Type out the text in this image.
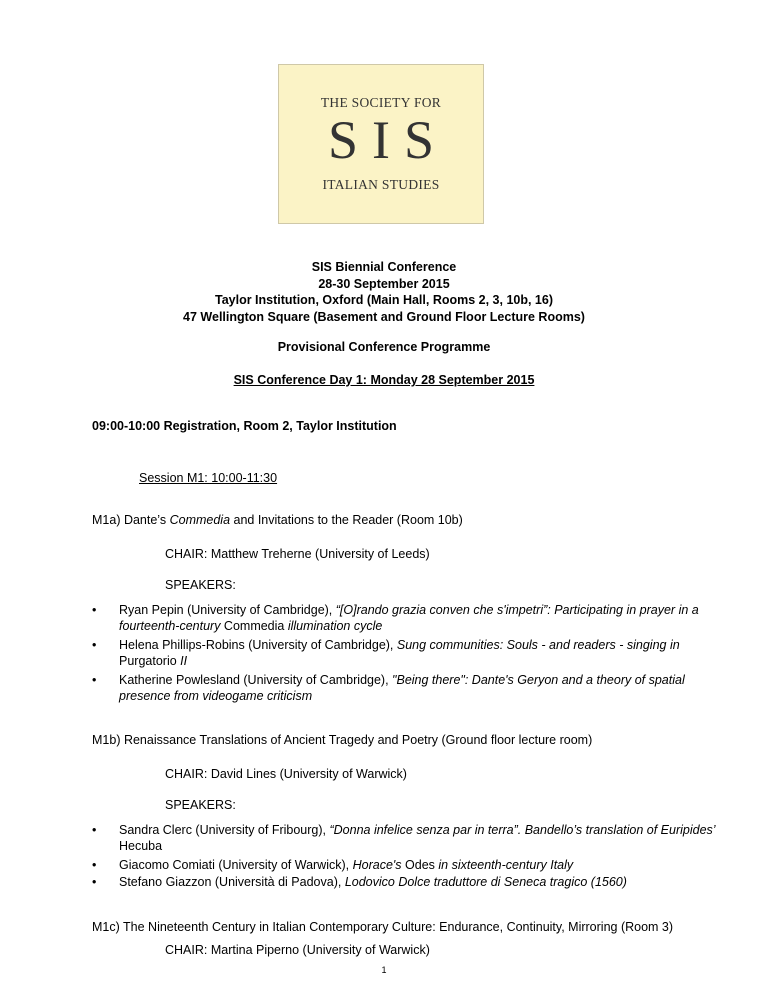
THE SOCIETY FOR
SIS
ITALIAN STUDIES
SIS Biennial Conference
28-30 September 2015
Taylor Institution, Oxford (Main Hall, Rooms 2, 3, 10b, 16)
47 Wellington Square (Basement and Ground Floor Lecture Rooms)
Provisional Conference Programme
SIS Conference Day 1: Monday 28 September 2015
09:00-10:00 Registration, Room 2, Taylor Institution
Session M1: 10:00-11:30
M1a) Dante’s Commedia and Invitations to the Reader (Room 10b)
CHAIR: Matthew Treherne (University of Leeds)
SPEAKERS:
• Ryan Pepin (University of Cambridge), “[O]rando grazia conven che s'impetri”: Participating in prayer in a fourteenth-century Commedia illumination cycle
• Helena Phillips-Robins (University of Cambridge), Sung communities: Souls - and readers - singing in Purgatorio II
• Katherine Powlesland (University of Cambridge), "Being there": Dante's Geryon and a theory of spatial presence from videogame criticism
M1b) Renaissance Translations of Ancient Tragedy and Poetry (Ground floor lecture room)
CHAIR: David Lines (University of Warwick)
SPEAKERS:
• Sandra Clerc (University of Fribourg), “Donna infelice senza par in terra”. Bandello’s translation of Euripides’ Hecuba
• Giacomo Comiati (University of Warwick), Horace's Odes in sixteenth-century Italy
• Stefano Giazzon (Università di Padova), Lodovico Dolce traduttore di Seneca tragico (1560)
M1c) The Nineteenth Century in Italian Contemporary Culture: Endurance, Continuity, Mirroring (Room 3)
CHAIR: Martina Piperno (University of Warwick)
1
